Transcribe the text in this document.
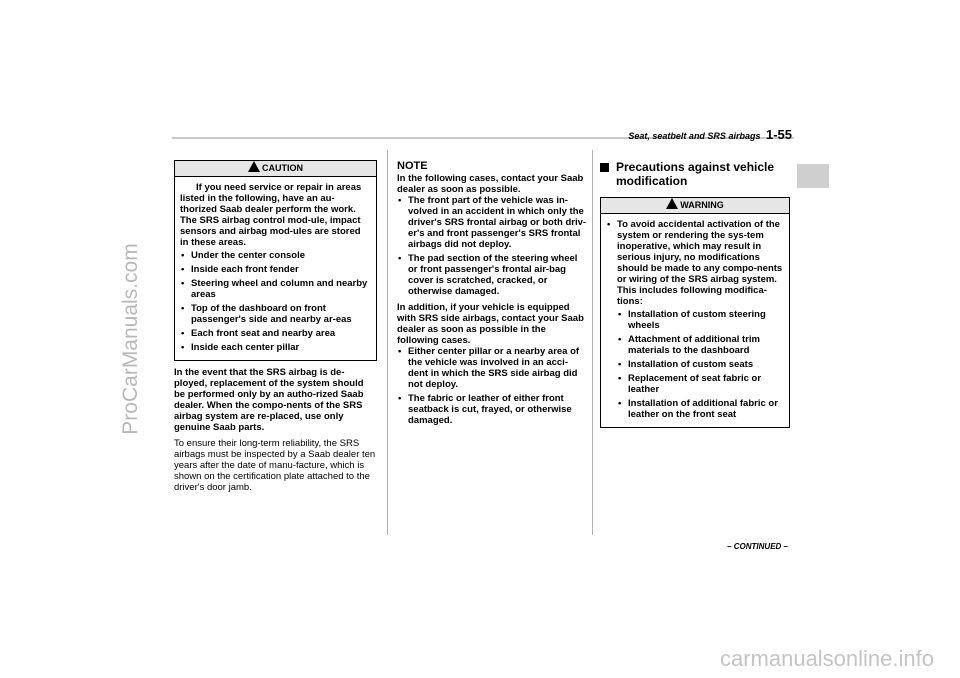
ProCarManuals.com
carmanualsonline.info
Seat, seatbelt and SRS airbags 1-55
CAUTION
If you need service or repair in areas listed in the following, have an au-thorized Saab dealer perform the work. The SRS airbag control mod-ule, impact sensors and airbag mod-ules are stored in these areas.
• Under the center console
• Inside each front fender
• Steering wheel and column and nearby areas
• Top of the dashboard on front passenger's side and nearby ar-eas
• Each front seat and nearby area
• Inside each center pillar

In the event that the SRS airbag is de-ployed, replacement of the system should be performed only by an autho-rized Saab dealer. When the compo-nents of the SRS airbag system are re-placed, use only genuine Saab parts.

To ensure their long-term reliability, the SRS airbags must be inspected by a Saab dealer ten years after the date of manu-facture, which is shown on the certification plate attached to the driver's door jamb.

NOTE
In the following cases, contact your Saab dealer as soon as possible.
• The front part of the vehicle was in-volved in an accident in which only the driver's SRS frontal airbag or both driv-er's and front passenger's SRS frontal airbags did not deploy.
• The pad section of the steering wheel or front passenger's frontal air-bag cover is scratched, cracked, or otherwise damaged.
In addition, if your vehicle is equipped with SRS side airbags, contact your Saab dealer as soon as possible in the following cases.
• Either center pillar or a nearby area of the vehicle was involved in an acci-dent in which the SRS side airbag did not deploy.
• The fabric or leather of either front seatback is cut, frayed, or otherwise damaged.
Precautions against vehicle modification
WARNING
• To avoid accidental activation of the system or rendering the sys-tem inoperative, which may result in serious injury, no modifications should be made to any compo-nents or wiring of the SRS airbag system.
This includes following modifica-tions:
• Installation of custom steering wheels
• Attachment of additional trim materials to the dashboard
• Installation of custom seats
• Replacement of seat fabric or leather
• Installation of additional fabric or leather on the front seat
– CONTINUED –
